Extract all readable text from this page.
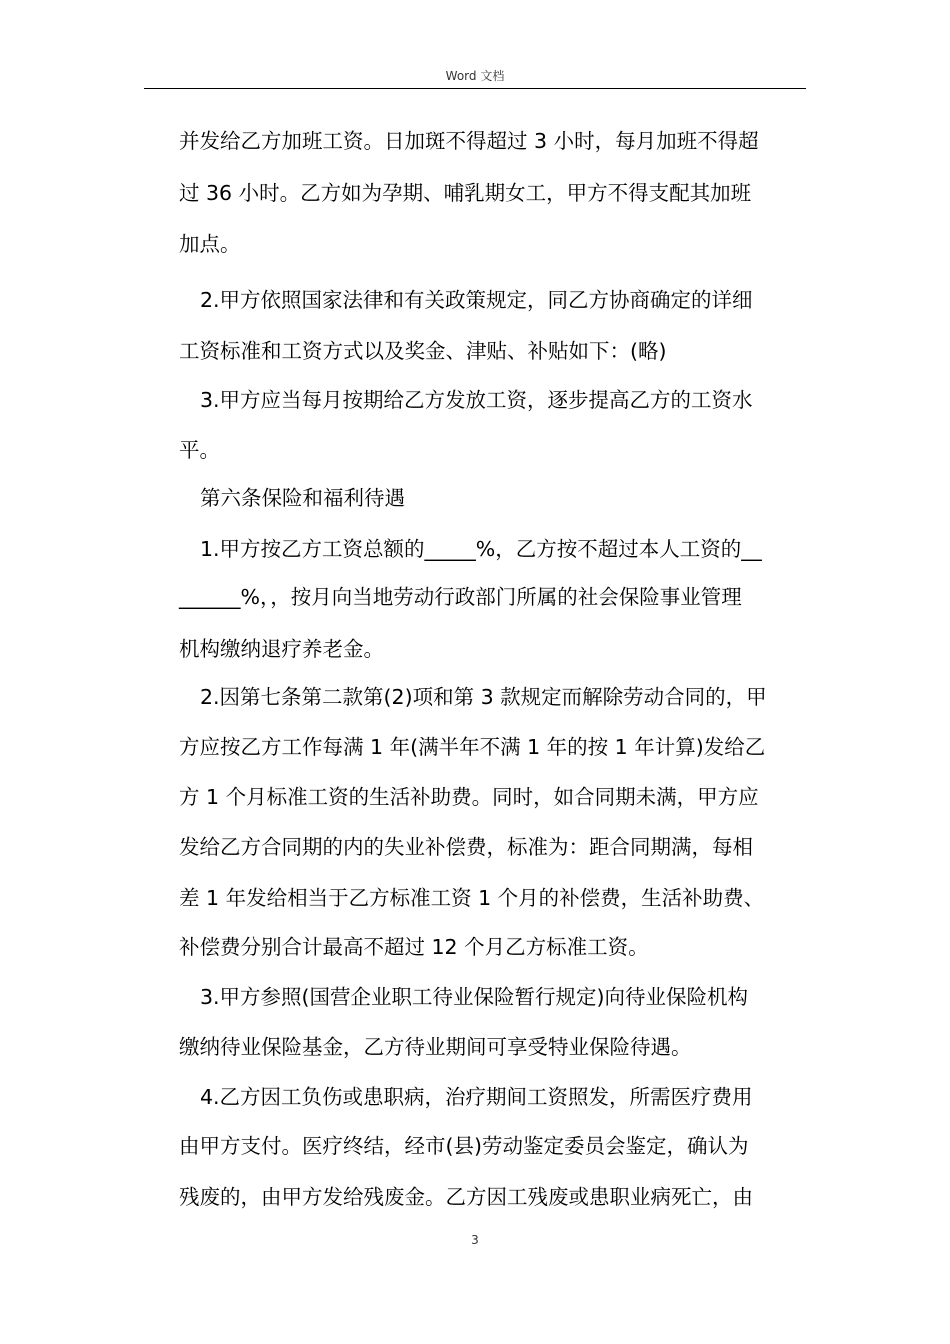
Word 文档
并发给乙方加班工资。日加斑不得超过 3 小时，每月加班不得超
过 36 小时。乙方如为孕期、哺乳期女工，甲方不得支配其加班
加点。
2.甲方依照国家法律和有关政策规定，同乙方协商确定的详细
工资标准和工资方式以及奖金、津贴、补贴如下：(略)
3.甲方应当每月按期给乙方发放工资，逐步提高乙方的工资水
平。
第六条保险和福利待遇
1.甲方按乙方工资总额的_____%，乙方按不超过本人工资的__
______%，，按月向当地劳动行政部门所属的社会保险事业管理
机构缴纳退疗养老金。
2.因第七条第二款第(2)项和第 3 款规定而解除劳动合同的，甲
方应按乙方工作每满 1 年(满半年不满 1 年的按 1 年计算)发给乙
方 1 个月标准工资的生活补助费。同时，如合同期未满，甲方应
发给乙方合同期的内的失业补偿费，标准为：距合同期满，每相
差 1 年发给相当于乙方标准工资 1 个月的补偿费，生活补助费、
补偿费分别合计最高不超过 12 个月乙方标准工资。
3.甲方参照(国营企业职工待业保险暂行规定)向待业保险机构
缴纳待业保险基金，乙方待业期间可享受特业保险待遇。
4.乙方因工负伤或患职病，治疗期间工资照发，所需医疗费用
由甲方支付。医疗终结，经市(县)劳动鉴定委员会鉴定，确认为
残废的，由甲方发给残废金。乙方因工残废或患职业病死亡，由
3
